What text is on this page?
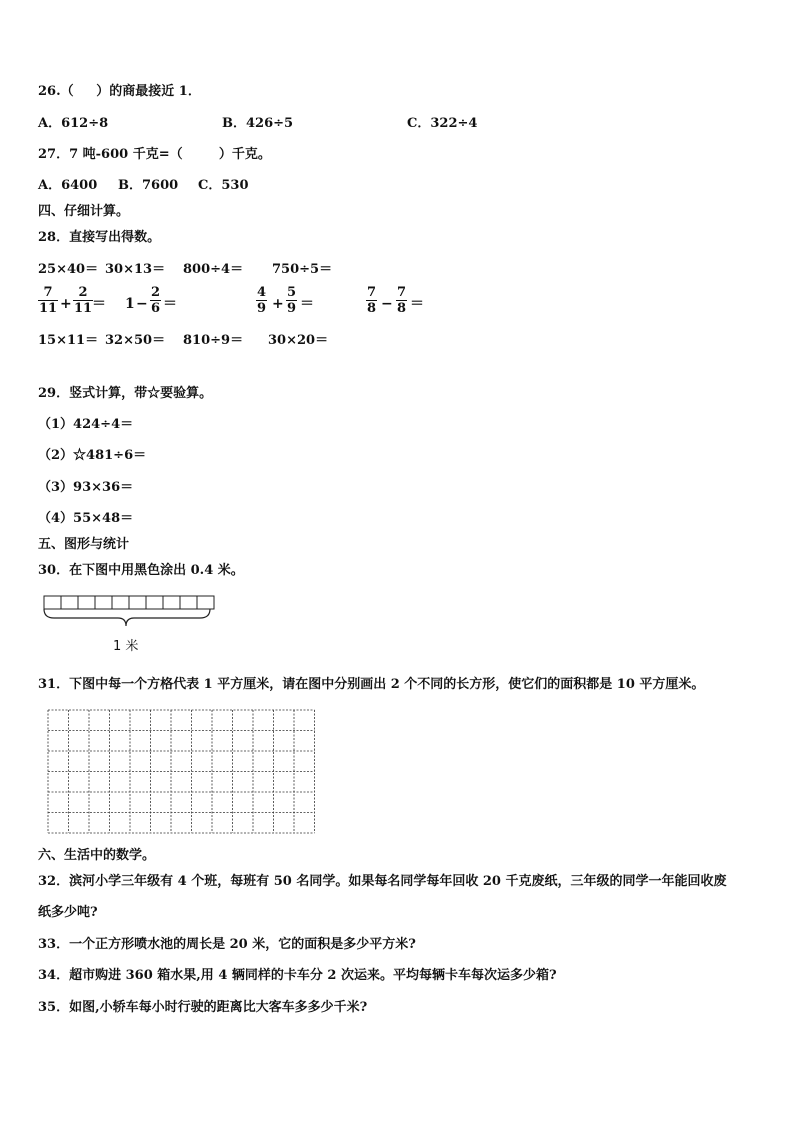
26.（     ）的商最接近 1．
A．612÷8	B．426÷5	C．322÷4
27．7 吨-600 千克=（        ）千克。
A．6400 B．7600 C．530
四、仔细计算。
28．直接写出得数。
25×40＝ 30×13＝ 800÷4＝ 750÷5＝
7
11 +
2
11 ＝ 1 −
2
6 ＝
4
9 +
5
9 ＝
7
8 −
7
8 ＝
15×11＝ 32×50＝ 810÷9＝ 30×20＝
29．竖式计算，带☆要验算。
（1）424÷4＝
（2）☆481÷6＝
（3）93×36＝
（4）55×48＝
五、图形与统计
30．在下图中用黑色涂出 0.4 米。
1 米
31．下图中每一个方格代表 1 平方厘米，请在图中分别画出 2 个不同的长方形，使它们的面积都是 10 平方厘米。
六、生活中的数学。
32．滨河小学三年级有 4 个班，每班有 50 名同学。如果每名同学每年回收 20 千克废纸，三年级的同学一年能回收废
纸多少吨?
33．一个正方形喷水池的周长是 20 米，它的面积是多少平方米?
34．超市购进 360 箱水果,用 4 辆同样的卡车分 2 次运来。平均每辆卡车每次运多少箱?
35．如图,小轿车每小时行驶的距离比大客车多多少千米?
